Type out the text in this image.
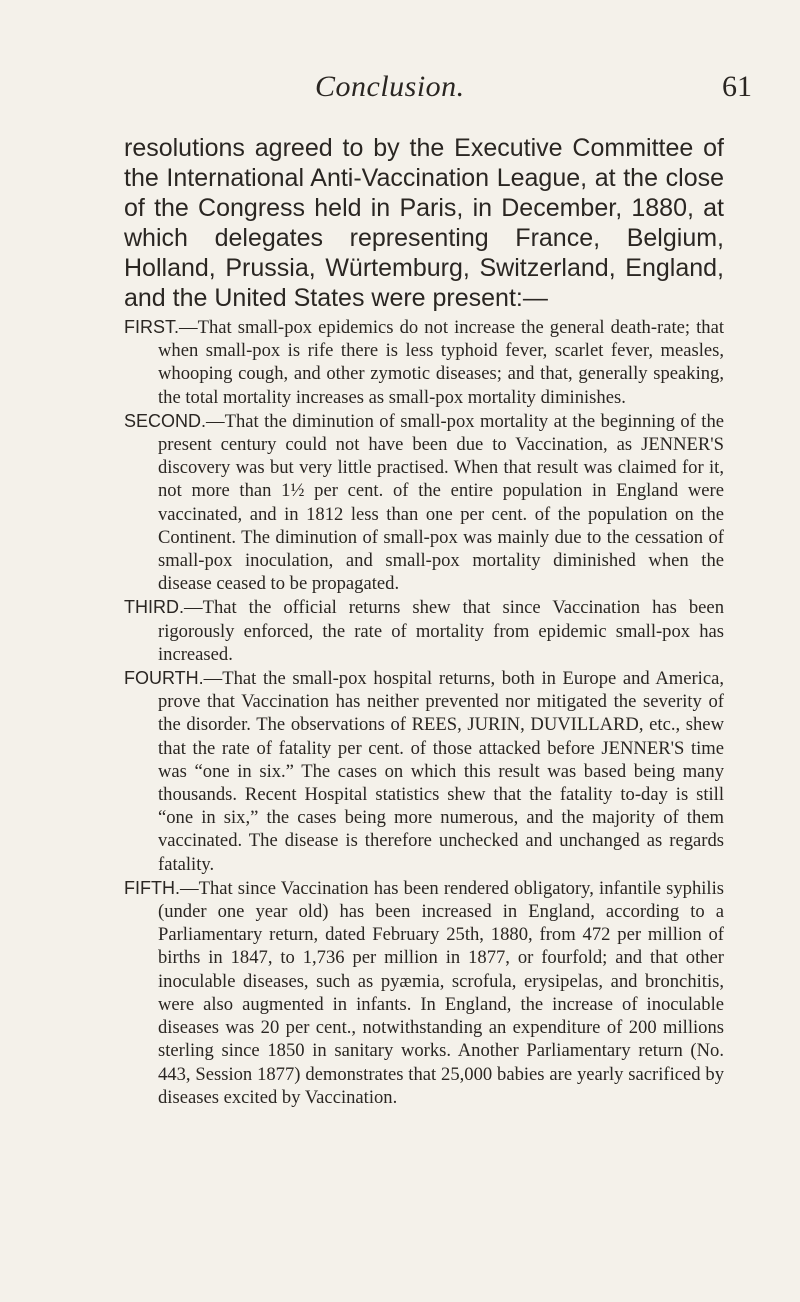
Conclusion.	61

resolutions agreed to by the Executive Committee of the International Anti-Vaccination League, at the close of the Congress held in Paris, in December, 1880, at which delegates representing France, Belgium, Holland, Prussia, Würtemburg, Switzerland, England, and the United States were present:—

FIRST.—That small-pox epidemics do not increase the general death-rate; that when small-pox is rife there is less typhoid fever, scarlet fever, measles, whooping cough, and other zymotic diseases; and that, generally speaking, the total mortality increases as small-pox mortality diminishes.

SECOND.—That the diminution of small-pox mortality at the beginning of the present century could not have been due to Vaccination, as JENNER'S discovery was but very little practised. When that result was claimed for it, not more than 1½ per cent. of the entire population in England were vaccinated, and in 1812 less than one per cent. of the population on the Continent. The diminution of small-pox was mainly due to the cessation of small-pox inoculation, and small-pox mortality diminished when the disease ceased to be propagated.

THIRD.—That the official returns shew that since Vaccination has been rigorously enforced, the rate of mortality from epidemic small-pox has increased.

FOURTH.—That the small-pox hospital returns, both in Europe and America, prove that Vaccination has neither prevented nor mitigated the severity of the disorder. The observations of REES, JURIN, DUVILLARD, etc., shew that the rate of fatality per cent. of those attacked before JENNER'S time was “one in six.” The cases on which this result was based being many thousands. Recent Hospital statistics shew that the fatality to-day is still “one in six,” the cases being more numerous, and the majority of them vaccinated. The disease is therefore unchecked and unchanged as regards fatality.

FIFTH.—That since Vaccination has been rendered obligatory, infantile syphilis (under one year old) has been increased in England, according to a Parliamentary return, dated February 25th, 1880, from 472 per million of births in 1847, to 1,736 per million in 1877, or fourfold; and that other inoculable diseases, such as pyæmia, scrofula, erysipelas, and bronchitis, were also augmented in infants. In England, the increase of inoculable diseases was 20 per cent., notwithstanding an expenditure of 200 millions sterling since 1850 in sanitary works. Another Parliamentary return (No. 443, Session 1877) demonstrates that 25,000 babies are yearly sacrificed by diseases excited by Vaccination.
